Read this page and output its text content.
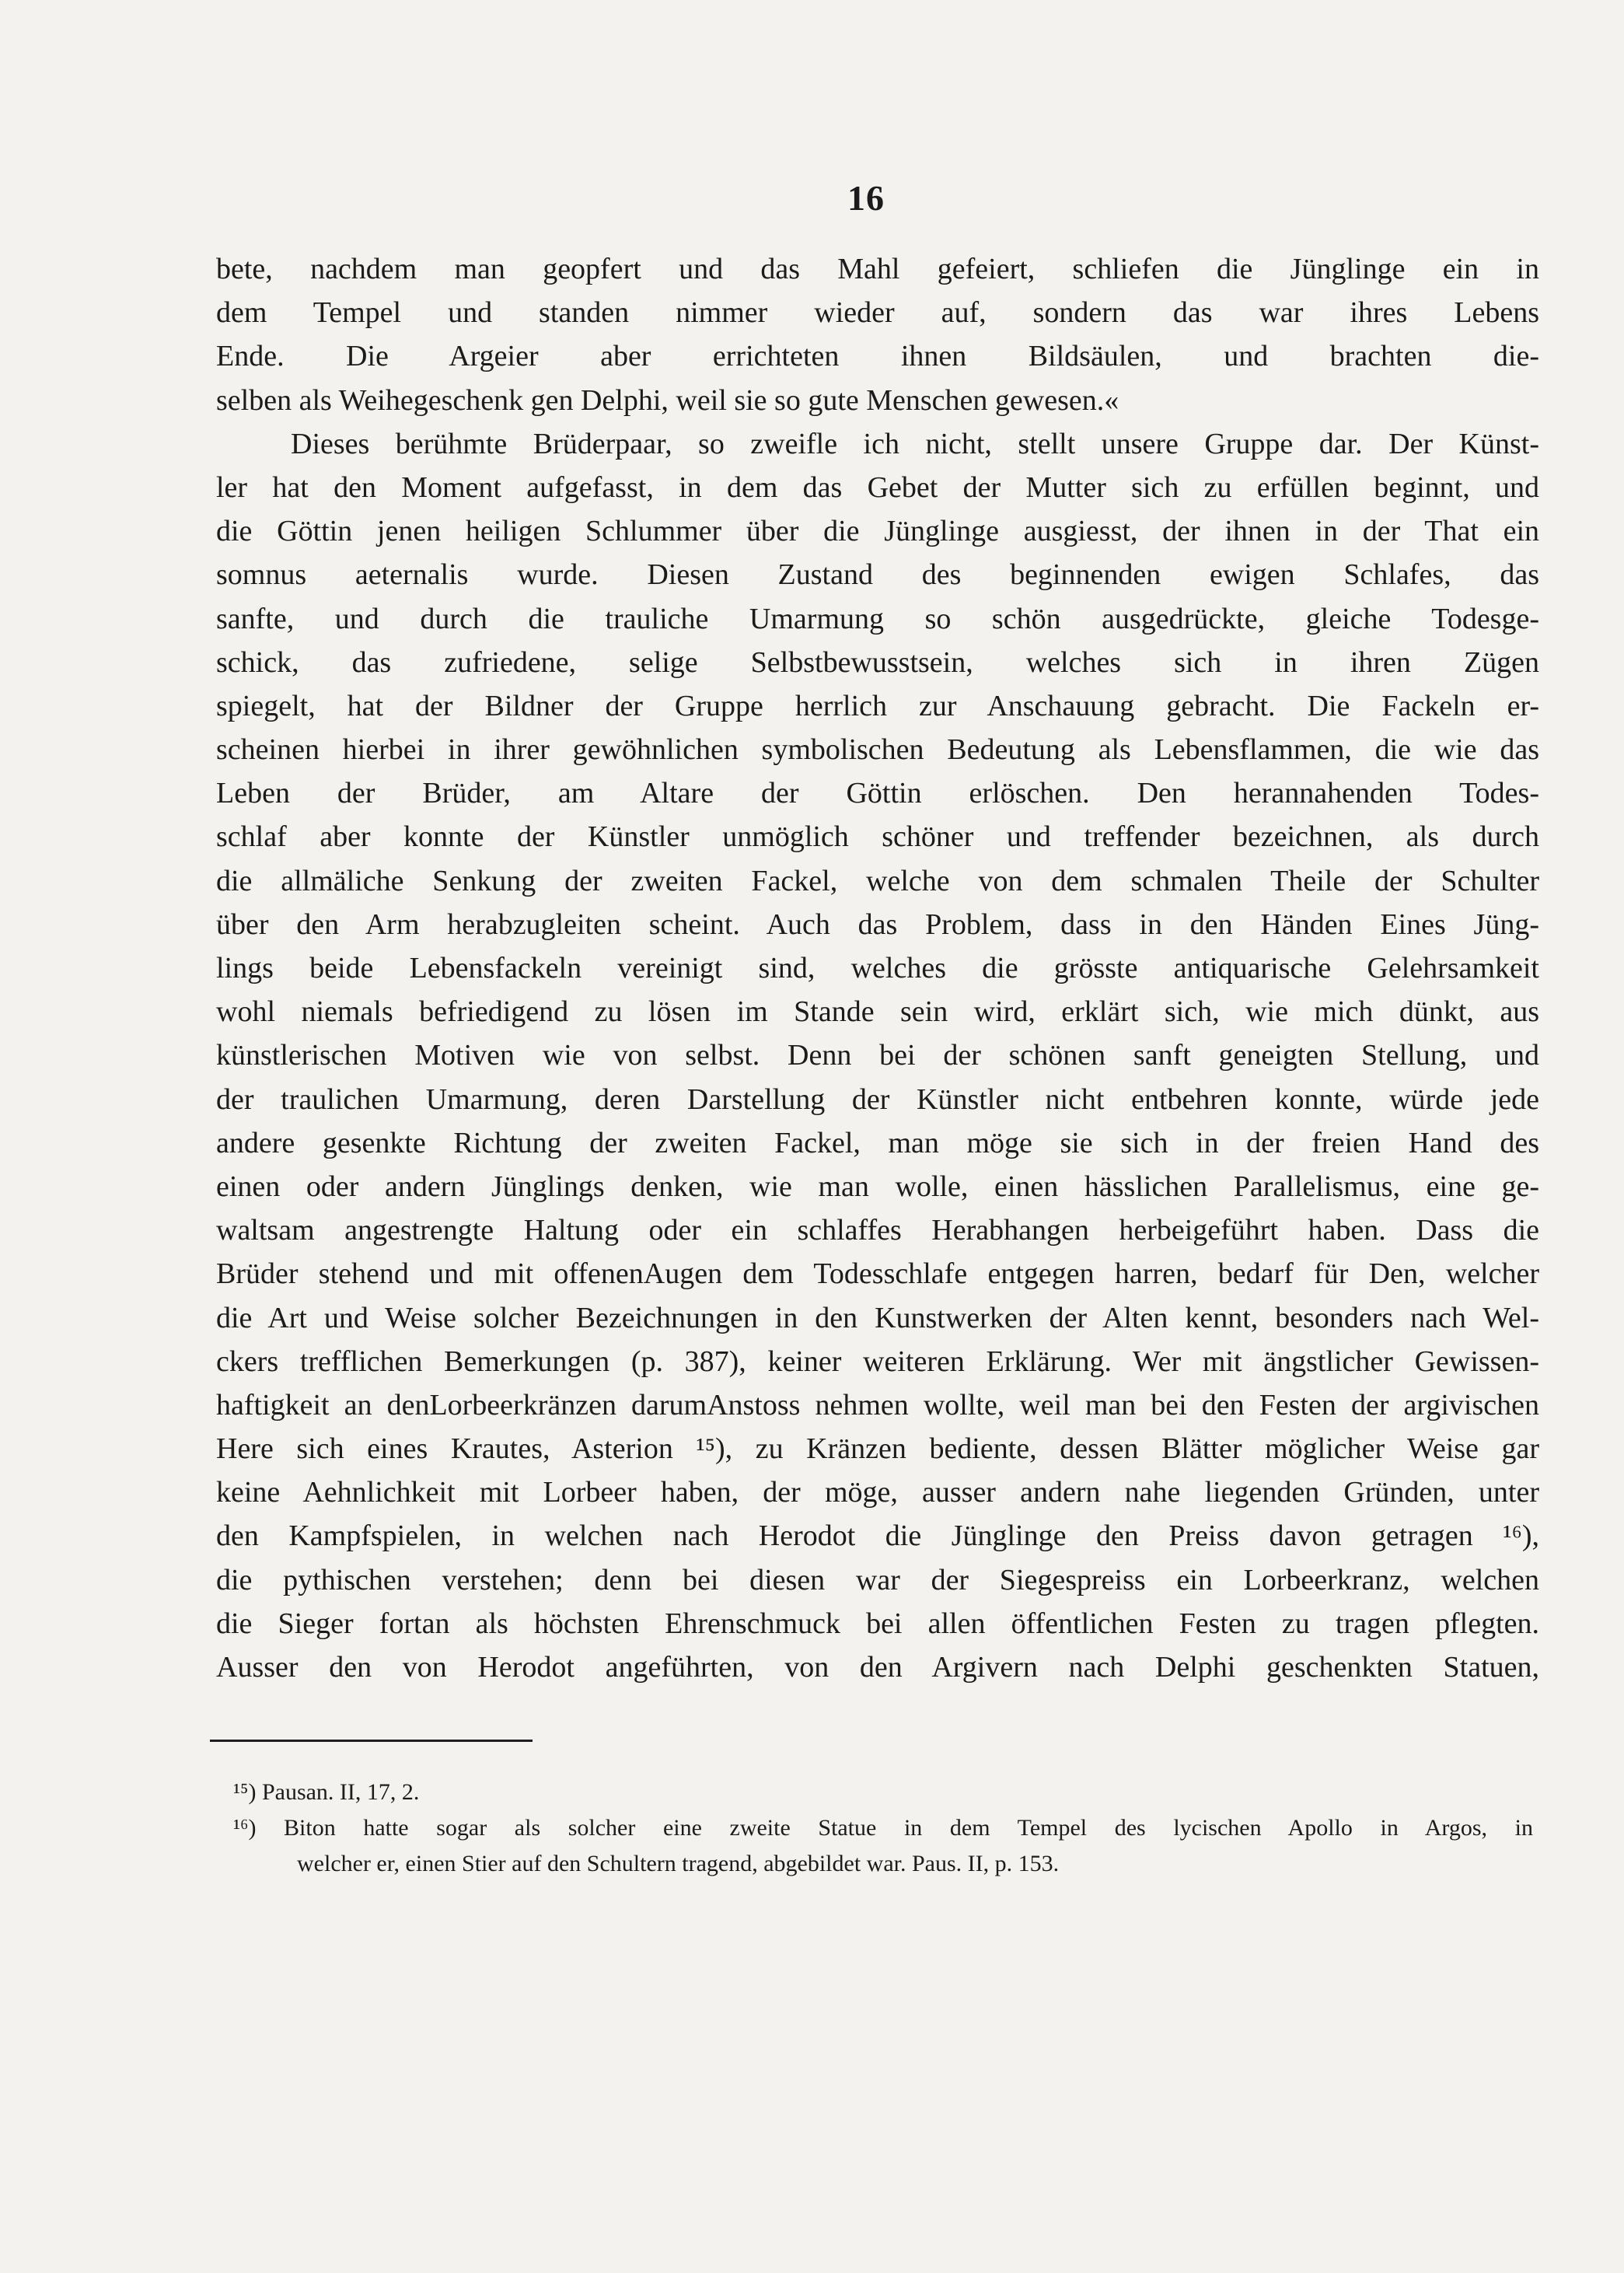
16
bete, nachdem man geopfert und das Mahl gefeiert, schliefen die Jünglinge ein in
dem Tempel und standen nimmer wieder auf, sondern das war ihres Lebens
Ende. Die Argeier aber errichteten ihnen Bildsäulen, und brachten die-
selben als Weihegeschenk gen Delphi, weil sie so gute Menschen gewesen.«
Dieses berühmte Brüderpaar, so zweifle ich nicht, stellt unsere Gruppe dar. Der Künst-
ler hat den Moment aufgefasst, in dem das Gebet der Mutter sich zu erfüllen beginnt, und
die Göttin jenen heiligen Schlummer über die Jünglinge ausgiesst, der ihnen in der That ein
somnus aeternalis wurde. Diesen Zustand des beginnenden ewigen Schlafes, das
sanfte, und durch die trauliche Umarmung so schön ausgedrückte, gleiche Todesge-
schick, das zufriedene, selige Selbstbewusstsein, welches sich in ihren Zügen
spiegelt, hat der Bildner der Gruppe herrlich zur Anschauung gebracht. Die Fackeln er-
scheinen hierbei in ihrer gewöhnlichen symbolischen Bedeutung als Lebensflammen, die wie das
Leben der Brüder, am Altare der Göttin erlöschen. Den herannahenden Todes-
schlaf aber konnte der Künstler unmöglich schöner und treffender bezeichnen, als durch
die allmäliche Senkung der zweiten Fackel, welche von dem schmalen Theile der Schulter
über den Arm herabzugleiten scheint. Auch das Problem, dass in den Händen Eines Jüng-
lings beide Lebensfackeln vereinigt sind, welches die grösste antiquarische Gelehrsamkeit
wohl niemals befriedigend zu lösen im Stande sein wird, erklärt sich, wie mich dünkt, aus
künstlerischen Motiven wie von selbst. Denn bei der schönen sanft geneigten Stellung, und
der traulichen Umarmung, deren Darstellung der Künstler nicht entbehren konnte, würde jede
andere gesenkte Richtung der zweiten Fackel, man möge sie sich in der freien Hand des
einen oder andern Jünglings denken, wie man wolle, einen hässlichen Parallelismus, eine ge-
waltsam angestrengte Haltung oder ein schlaffes Herabhangen herbeigeführt haben. Dass die
Brüder stehend und mit offenenAugen dem Todesschlafe entgegen harren, bedarf für Den, welcher
die Art und Weise solcher Bezeichnungen in den Kunstwerken der Alten kennt, besonders nach Wel-
ckers trefflichen Bemerkungen (p. 387), keiner weiteren Erklärung. Wer mit ängstlicher Gewissen-
haftigkeit an denLorbeerkränzen darumAnstoss nehmen wollte, weil man bei den Festen der argivischen
Here sich eines Krautes, Asterion ¹⁵), zu Kränzen bediente, dessen Blätter möglicher Weise gar
keine Aehnlichkeit mit Lorbeer haben, der möge, ausser andern nahe liegenden Gründen, unter
den Kampfspielen, in welchen nach Herodot die Jünglinge den Preiss davon getragen ¹⁶),
die pythischen verstehen; denn bei diesen war der Siegespreiss ein Lorbeerkranz, welchen
die Sieger fortan als höchsten Ehrenschmuck bei allen öffentlichen Festen zu tragen pflegten.
Ausser den von Herodot angeführten, von den Argivern nach Delphi geschenkten Statuen,
¹⁵) Pausan. II, 17, 2.
¹⁶) Biton hatte sogar als solcher eine zweite Statue in dem Tempel des lycischen Apollo in Argos, in
welcher er, einen Stier auf den Schultern tragend, abgebildet war. Paus. II, p. 153.
